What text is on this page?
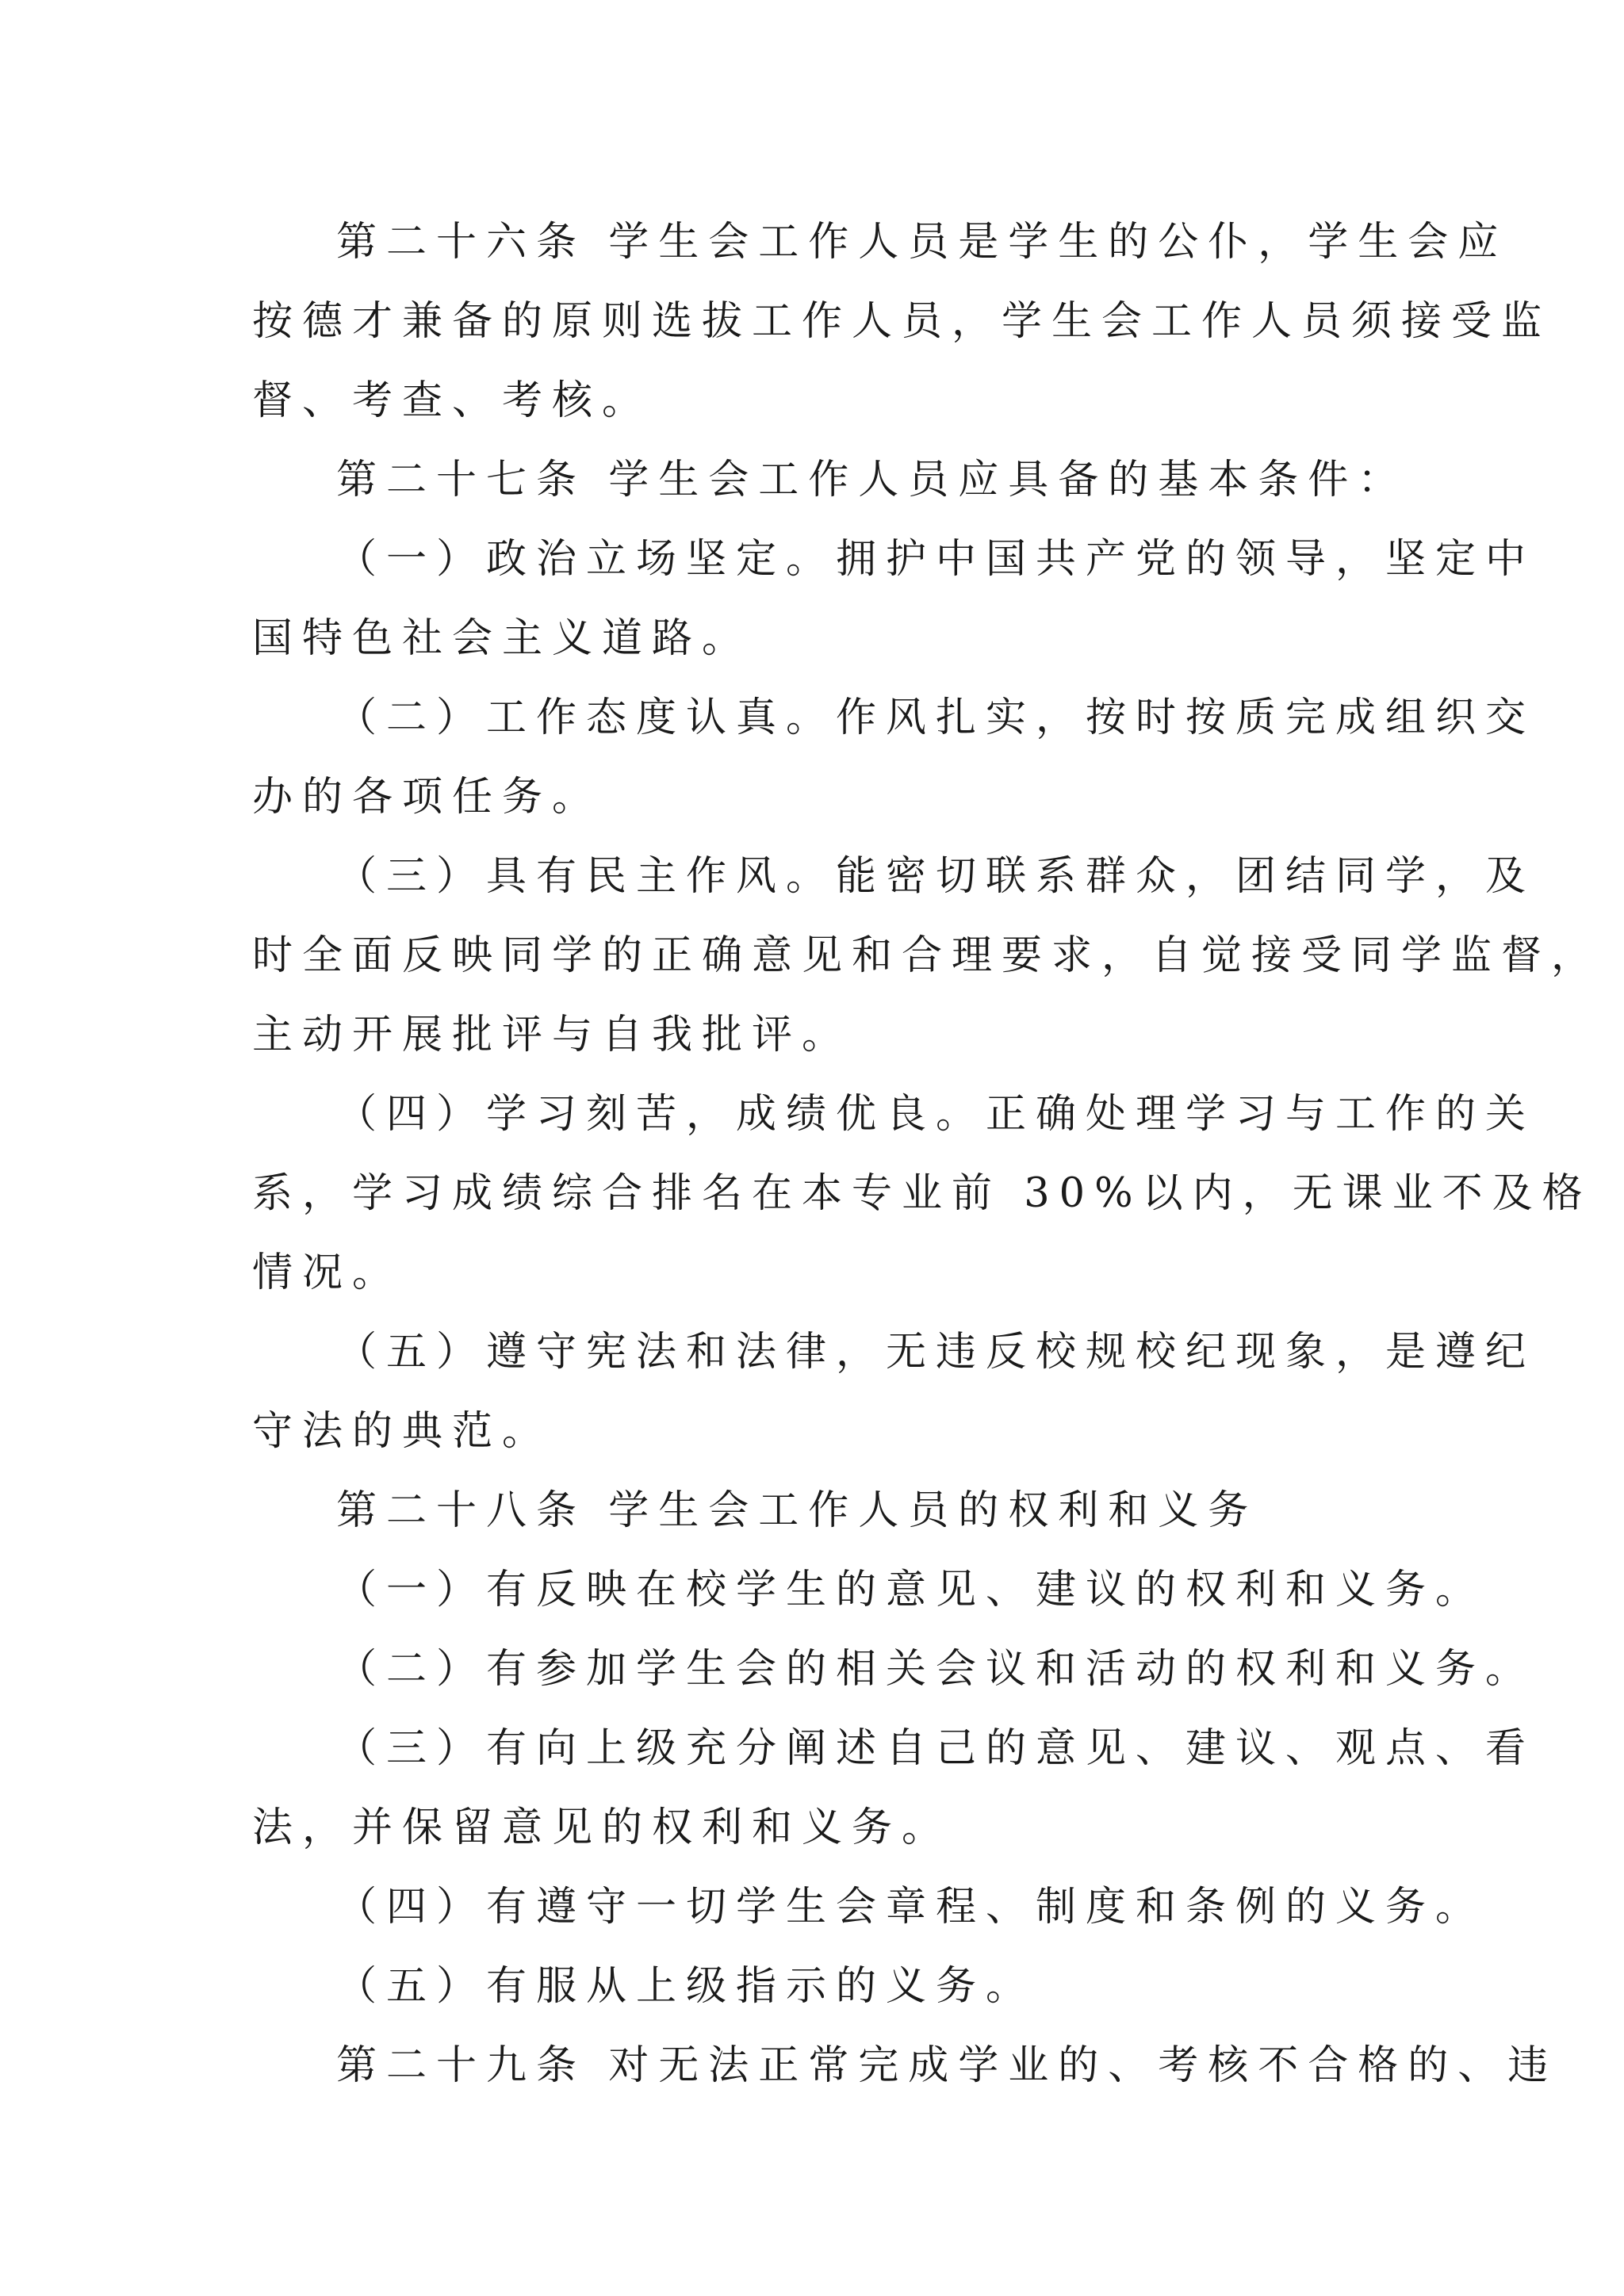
第二十六条 学生会工作人员是学生的公仆，学生会应

按德才兼备的原则选拔工作人员，学生会工作人员须接受监

督、考查、考核。

第二十七条 学生会工作人员应具备的基本条件：

（一）政治立场坚定。拥护中国共产党的领导，坚定中

国特色社会主义道路。

（二）工作态度认真。作风扎实，按时按质完成组织交

办的各项任务。

（三）具有民主作风。能密切联系群众，团结同学，及

时全面反映同学的正确意见和合理要求，自觉接受同学监督，

主动开展批评与自我批评。

（四）学习刻苦，成绩优良。正确处理学习与工作的关

系，学习成绩综合排名在本专业前 30%以内，无课业不及格

情况。

（五）遵守宪法和法律，无违反校规校纪现象，是遵纪

守法的典范。

第二十八条 学生会工作人员的权利和义务

（一）有反映在校学生的意见、建议的权利和义务。

（二）有参加学生会的相关会议和活动的权利和义务。

（三）有向上级充分阐述自己的意见、建议、观点、看

法，并保留意见的权利和义务。

（四）有遵守一切学生会章程、制度和条例的义务。

（五）有服从上级指示的义务。

第二十九条 对无法正常完成学业的、考核不合格的、违
